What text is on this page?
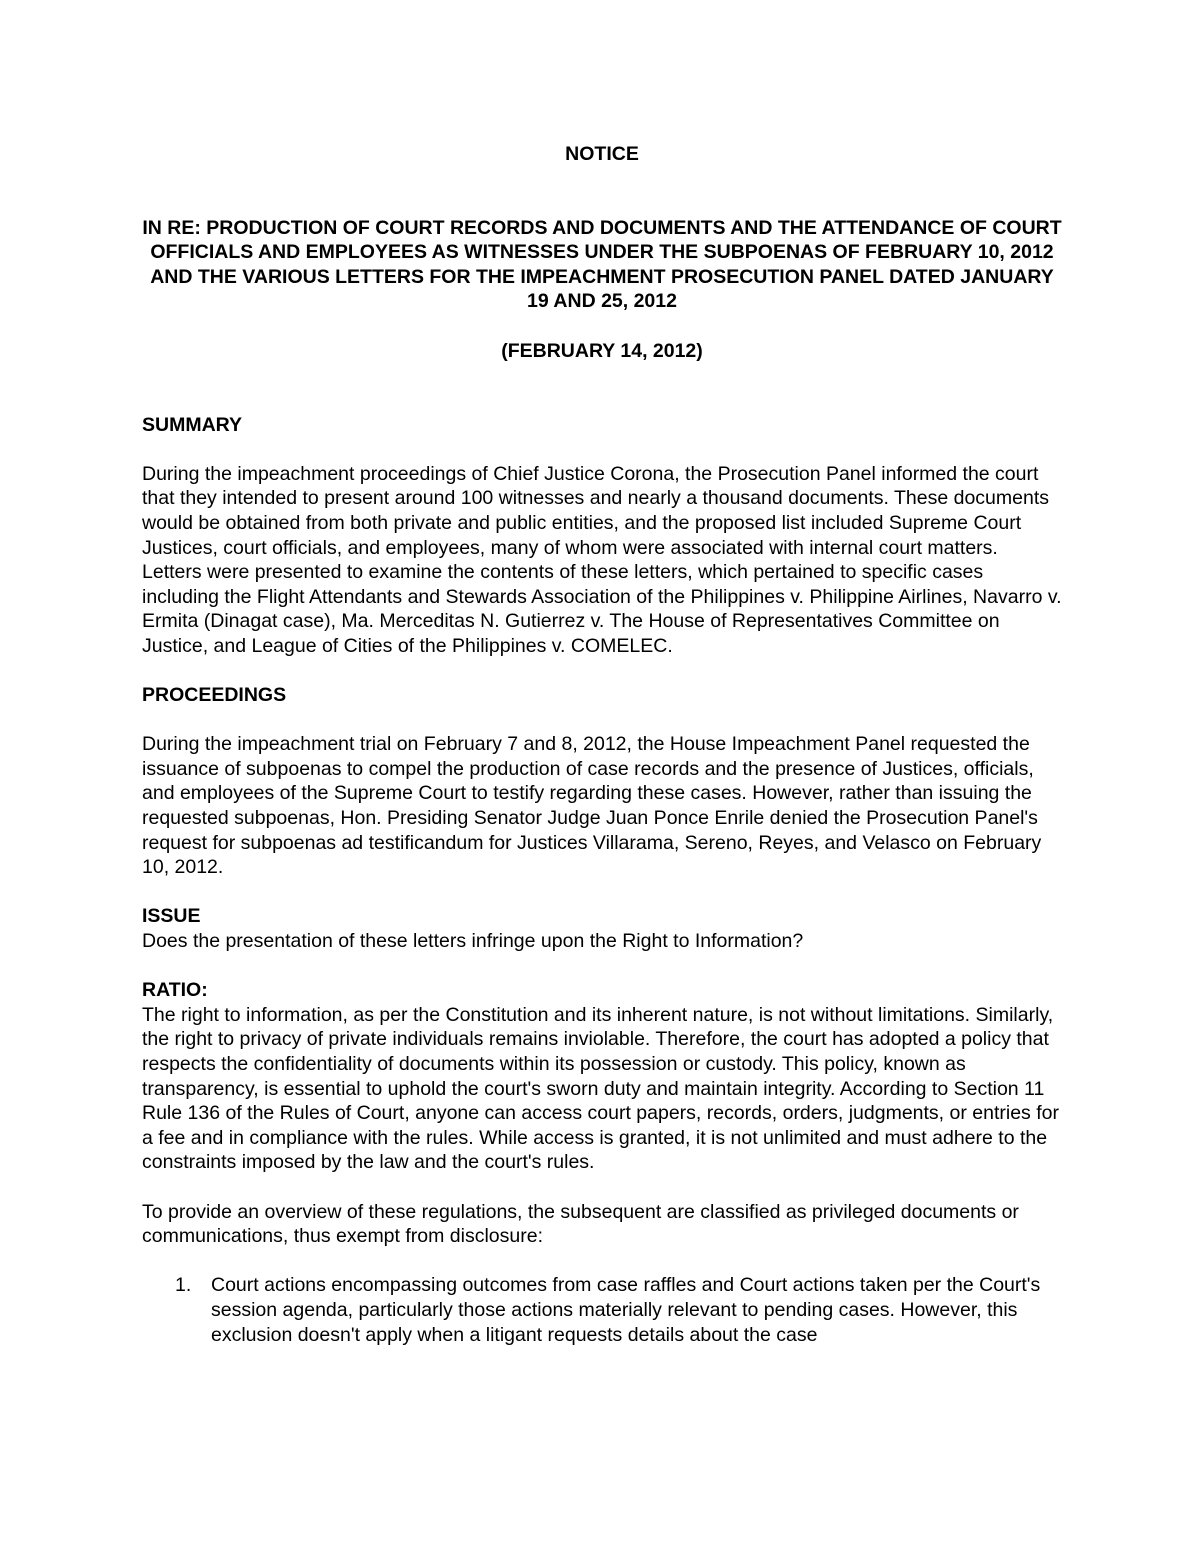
NOTICE

IN RE: PRODUCTION OF COURT RECORDS AND DOCUMENTS AND THE ATTENDANCE OF COURT OFFICIALS AND EMPLOYEES AS WITNESSES UNDER THE SUBPOENAS OF FEBRUARY 10, 2012 AND THE VARIOUS LETTERS FOR THE IMPEACHMENT PROSECUTION PANEL DATED JANUARY 19 AND 25, 2012

(FEBRUARY 14, 2012)

SUMMARY

During the impeachment proceedings of Chief Justice Corona, the Prosecution Panel informed the court that they intended to present around 100 witnesses and nearly a thousand documents. These documents would be obtained from both private and public entities, and the proposed list included Supreme Court Justices, court officials, and employees, many of whom were associated with internal court matters. Letters were presented to examine the contents of these letters, which pertained to specific cases including the Flight Attendants and Stewards Association of the Philippines v. Philippine Airlines, Navarro v. Ermita (Dinagat case), Ma. Merceditas N. Gutierrez v. The House of Representatives Committee on Justice, and League of Cities of the Philippines v. COMELEC.

PROCEEDINGS

During the impeachment trial on February 7 and 8, 2012, the House Impeachment Panel requested the issuance of subpoenas to compel the production of case records and the presence of Justices, officials, and employees of the Supreme Court to testify regarding these cases. However, rather than issuing the requested subpoenas, Hon. Presiding Senator Judge Juan Ponce Enrile denied the Prosecution Panel's request for subpoenas ad testificandum for Justices Villarama, Sereno, Reyes, and Velasco on February 10, 2012.

ISSUE

Does the presentation of these letters infringe upon the Right to Information?

RATIO:

The right to information, as per the Constitution and its inherent nature, is not without limitations. Similarly, the right to privacy of private individuals remains inviolable. Therefore, the court has adopted a policy that respects the confidentiality of documents within its possession or custody. This policy, known as transparency, is essential to uphold the court's sworn duty and maintain integrity. According to Section 11 Rule 136 of the Rules of Court, anyone can access court papers, records, orders, judgments, or entries for a fee and in compliance with the rules. While access is granted, it is not unlimited and must adhere to the constraints imposed by the law and the court's rules.

To provide an overview of these regulations, the subsequent are classified as privileged documents or communications, thus exempt from disclosure:

1. Court actions encompassing outcomes from case raffles and Court actions taken per the Court's session agenda, particularly those actions materially relevant to pending cases. However, this exclusion doesn't apply when a litigant requests details about the case
